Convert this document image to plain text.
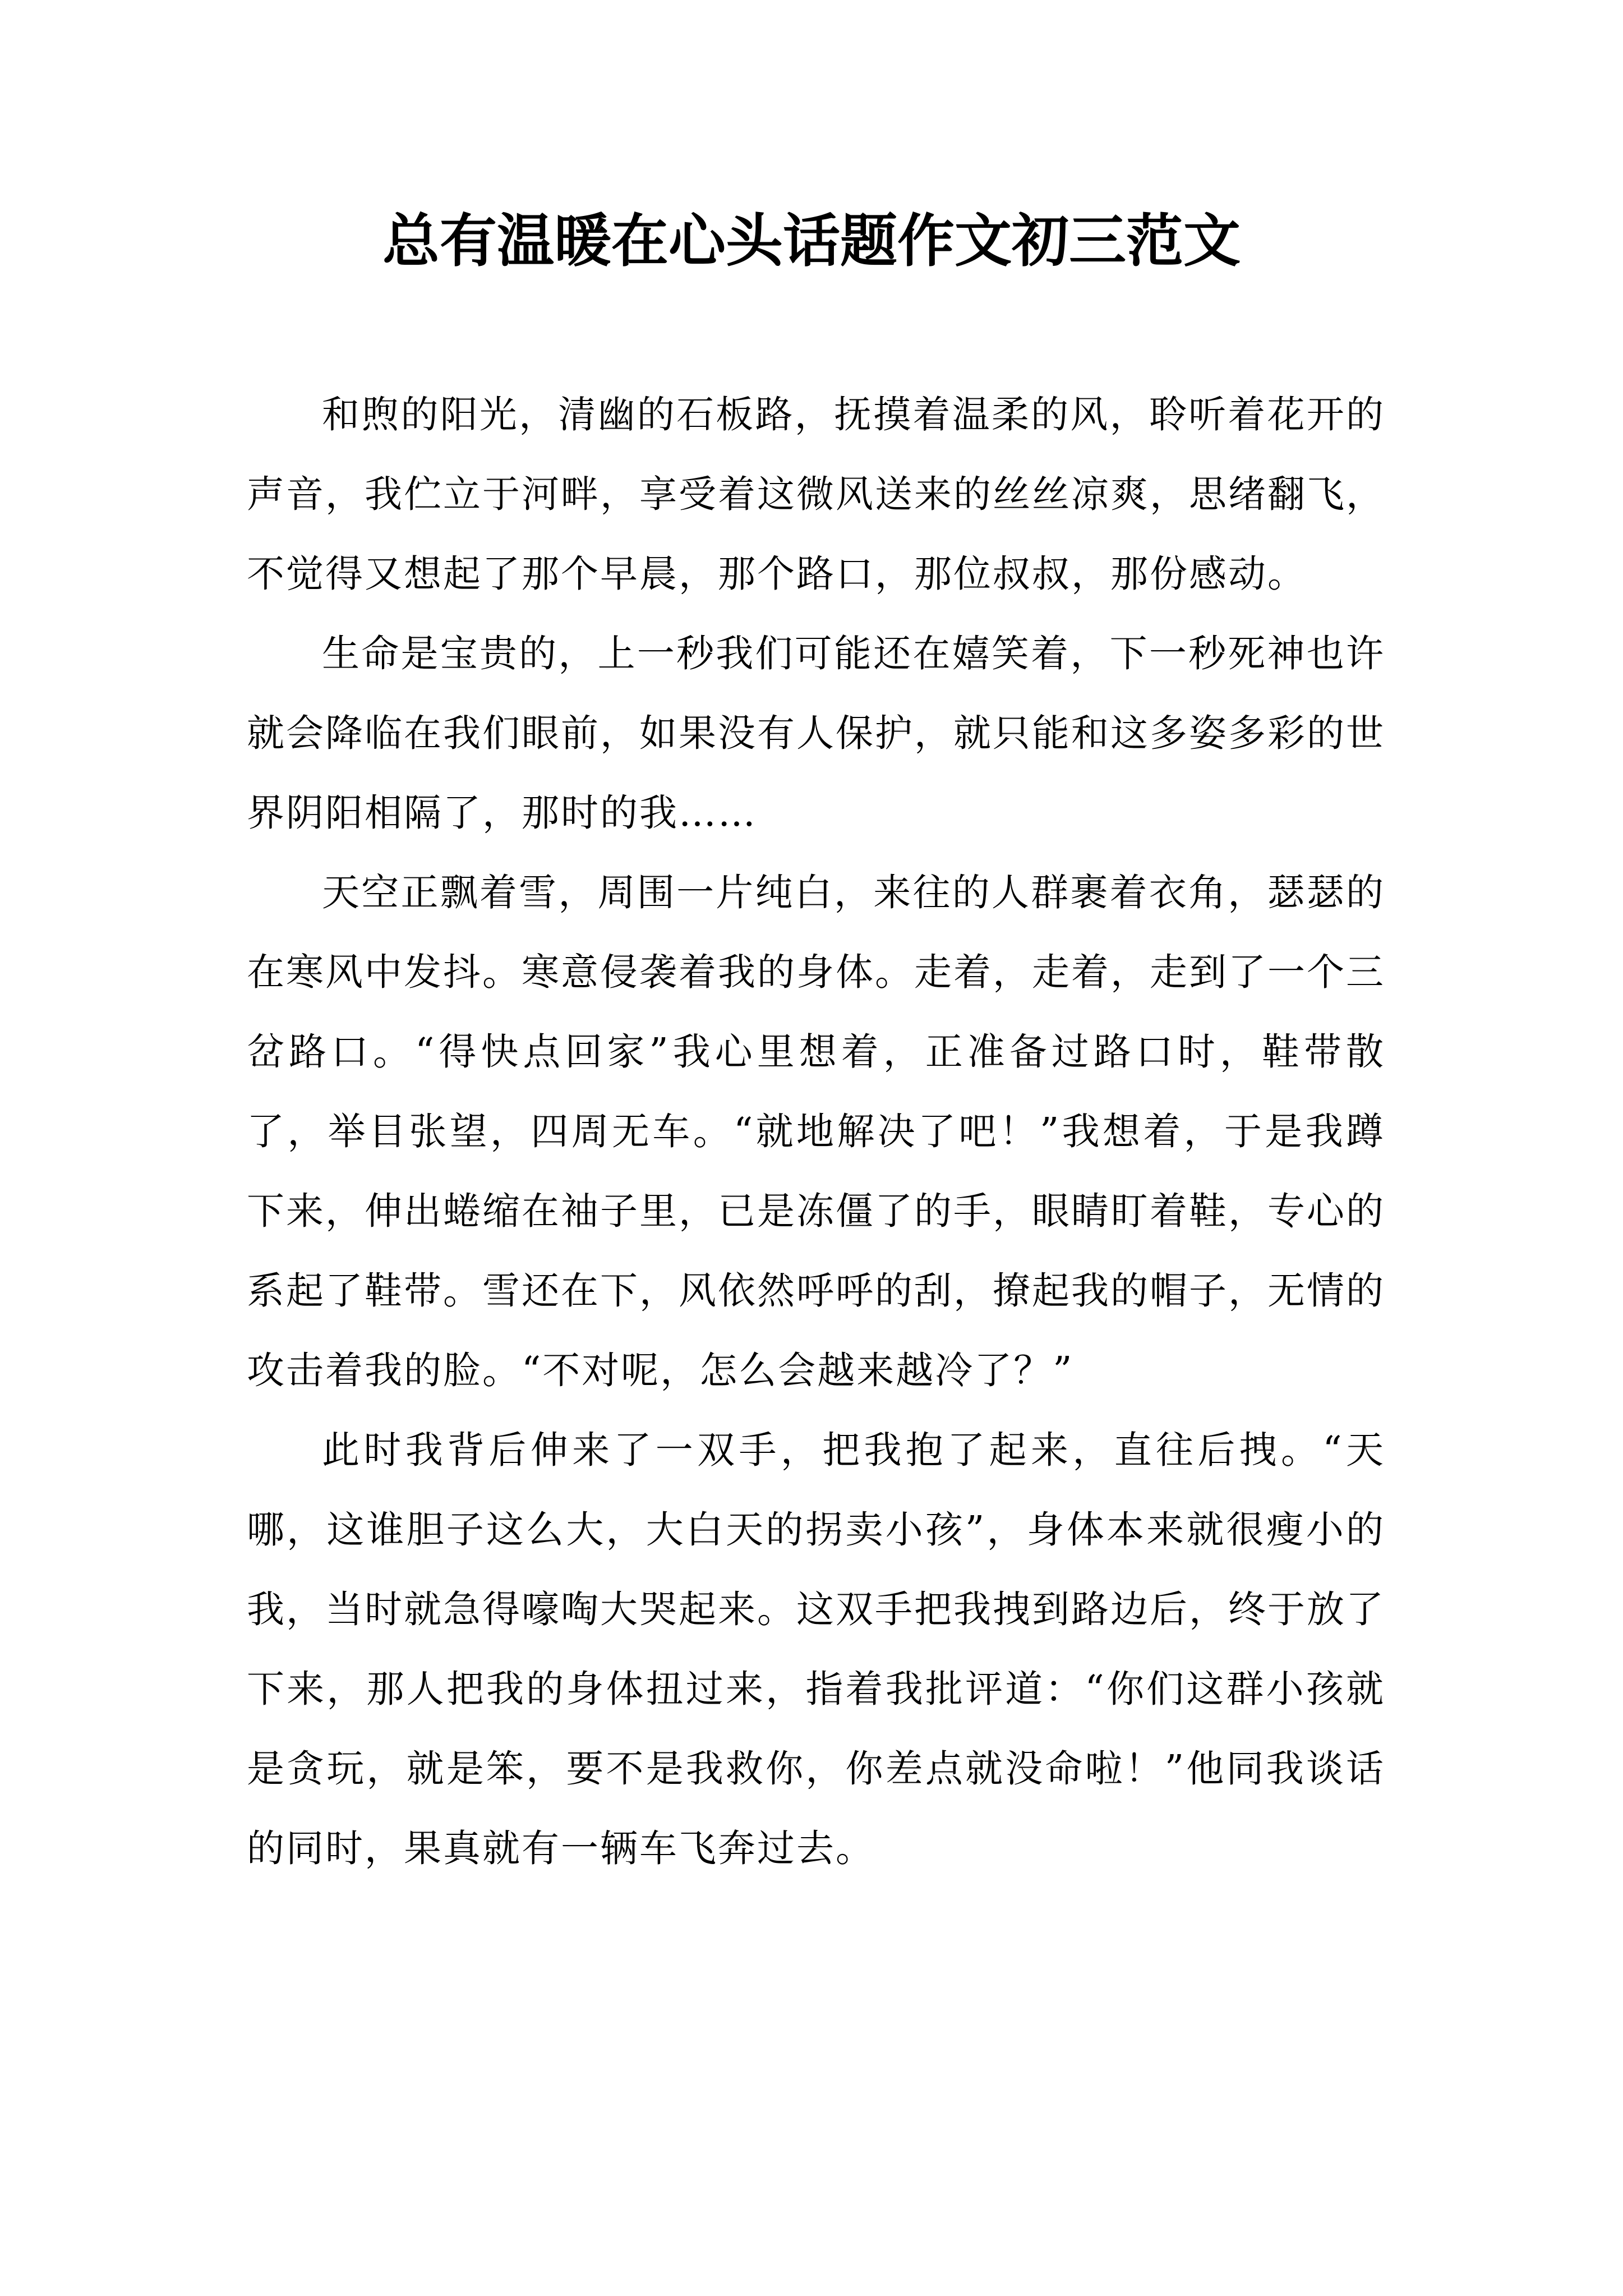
总有温暖在心头话题作文初三范文

和煦的阳光，清幽的石板路，抚摸着温柔的风，聆听着花开的声音，我伫立于河畔，享受着这微风送来的丝丝凉爽，思绪翻飞，不觉得又想起了那个早晨，那个路口，那位叔叔，那份感动。

生命是宝贵的，上一秒我们可能还在嬉笑着，下一秒死神也许就会降临在我们眼前，如果没有人保护，就只能和这多姿多彩的世界阴阳相隔了，那时的我……

天空正飘着雪，周围一片纯白，来往的人群裹着衣角，瑟瑟的在寒风中发抖。寒意侵袭着我的身体。走着，走着，走到了一个三岔路口。“得快点回家”我心里想着，正准备过路口时，鞋带散了，举目张望，四周无车。“就地解决了吧！”我想着，于是我蹲下来，伸出蜷缩在袖子里，已是冻僵了的手，眼睛盯着鞋，专心的系起了鞋带。雪还在下，风依然呼呼的刮，撩起我的帽子，无情的攻击着我的脸。“不对呢，怎么会越来越冷了？”

此时我背后伸来了一双手，把我抱了起来，直往后拽。“天哪，这谁胆子这么大，大白天的拐卖小孩”，身体本来就很瘦小的我，当时就急得嚎啕大哭起来。这双手把我拽到路边后，终于放了下来，那人把我的身体扭过来，指着我批评道：“你们这群小孩就是贪玩，就是笨，要不是我救你，你差点就没命啦！”他同我谈话的同时，果真就有一辆车飞奔过去。
